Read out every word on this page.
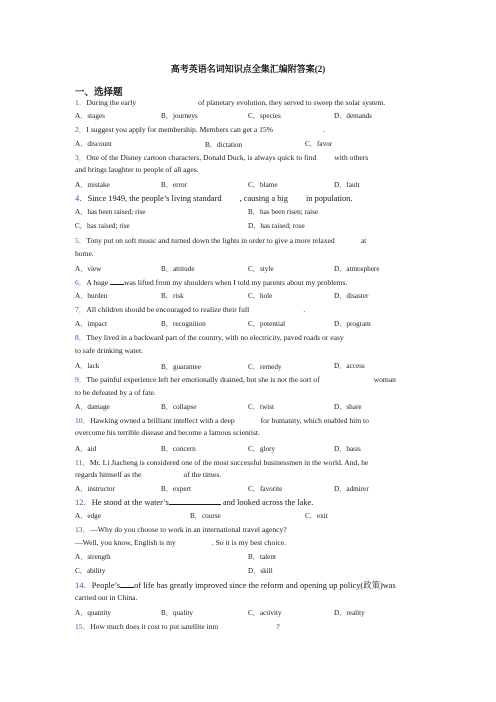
高考英语名词知识点全集汇编附答案(2)
一、选择题
1．During the early	of planetary evolution, they served to sweep the solar system.
A．stages	B．journeys	C．species	D．demands
2．I suggest you apply for membership. Members can get a 15%	.
A．discount	B．dictation	C．favor
3．One of the Disney cartoon characters, Donald Duck, is always quick to find with others
and brings laughter to people of all ages.
A．mistake	B．error	C．blame	D．fault
4．Since 1949, the people’s living standard , causing a big in population.
A．has been raised; rise	B．has been risen; raise
C．has raised; rise	D．has raised; rose
5．Tony put on soft music and turned down the lights in order to give a more relaxed	at
home.
A．view	B．attitude	C．style	D．atmosphere
6．A huge was lifted from my shoulders when I told my parents about my problems.
A．burden	B．risk	C．hole	D．disaster
7．All children should be encouraged to realize their full	.
A．impact	B．recognition	C．potential	D．program
8．They lived in a backward part of the country, with no electricity, paved roads or easy
to safe drinking water.
A．lack	B．guarantee	C．remedy	D．access
9．The painful experience left her emotionally drained, but she is not the sort of	woman
to be defeated by a of fate.
A．damage	B．collapse	C．twist	D．share
10．Hawking owned a brilliant intellect with a deep	for humanity, which enabled him to
overcome his terrible disease and become a famous scientist.
A．aid	B．concern	C．glory	D．basis
11．Mr. Li Jiacheng is considered one of the most successful businessmen in the world. And, he
regards himself as the	of the times.
A．instructor	B．expert	C．favorite	D．admirer
12．He stood at the water’s	and looked across the lake.
A．edge	B．course	C．exit
13．—Why do you choose to work in an international travel agency?
—Well, you know, English is my	. So it is my best choice.
A．strength	B．talent
C．ability	D．skill
14．People’s of life has greatly improved since the reform and opening up policy(政策)was
carried out in China.
A．quantity	B．quality	C．activity	D．reality
15．How much does it cost to put satellite into	?
